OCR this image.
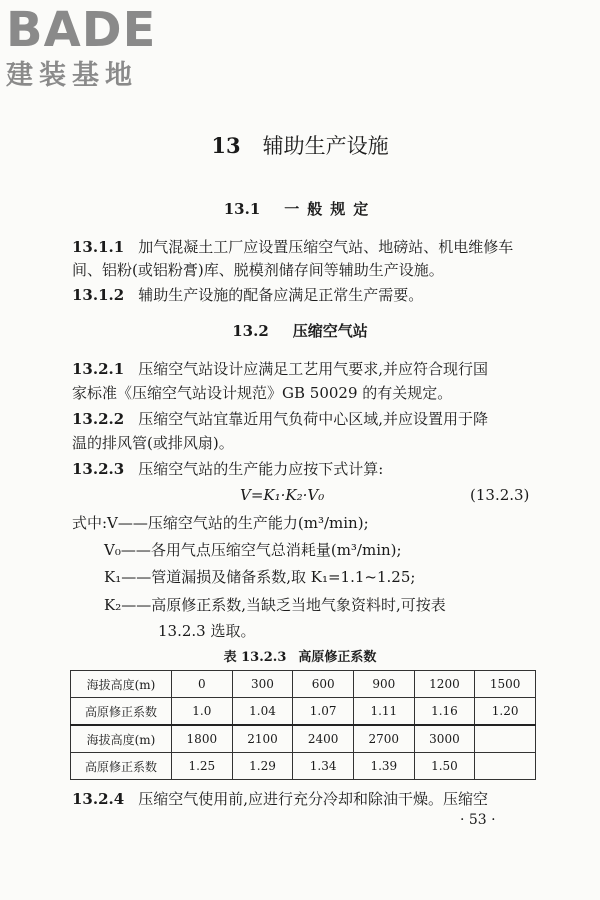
BADE
建装基地
13 辅助生产设施
13.1 一般规定
13.1.1 加气混凝土工厂应设置压缩空气站、地磅站、机电维修车
间、铝粉(或铝粉膏)库、脱模剂储存间等辅助生产设施。
13.1.2 辅助生产设施的配备应满足正常生产需要。
13.2 压缩空气站
13.2.1 压缩空气站设计应满足工艺用气要求,并应符合现行国
家标准《压缩空气站设计规范》GB 50029 的有关规定。
13.2.2 压缩空气站宜靠近用气负荷中心区域,并应设置用于降
温的排风管(或排风扇)。
13.2.3 压缩空气站的生产能力应按下式计算:
V=K₁·K₂·V₀	(13.2.3)
式中:V——压缩空气站的生产能力(m³/min);
V₀——各用气点压缩空气总消耗量(m³/min);
K₁——管道漏损及储备系数,取 K₁=1.1~1.25;
K₂——高原修正系数,当缺乏当地气象资料时,可按表
13.2.3 选取。
表 13.2.3 高原修正系数
海拔高度(m)	0	300	600	900	1200	1500
高原修正系数	1.0	1.04	1.07	1.11	1.16	1.20
海拔高度(m)	1800	2100	2400	2700	3000	
高原修正系数	1.25	1.29	1.34	1.39	1.50	
13.2.4 压缩空气使用前,应进行充分冷却和除油干燥。压缩空
· 53 ·
